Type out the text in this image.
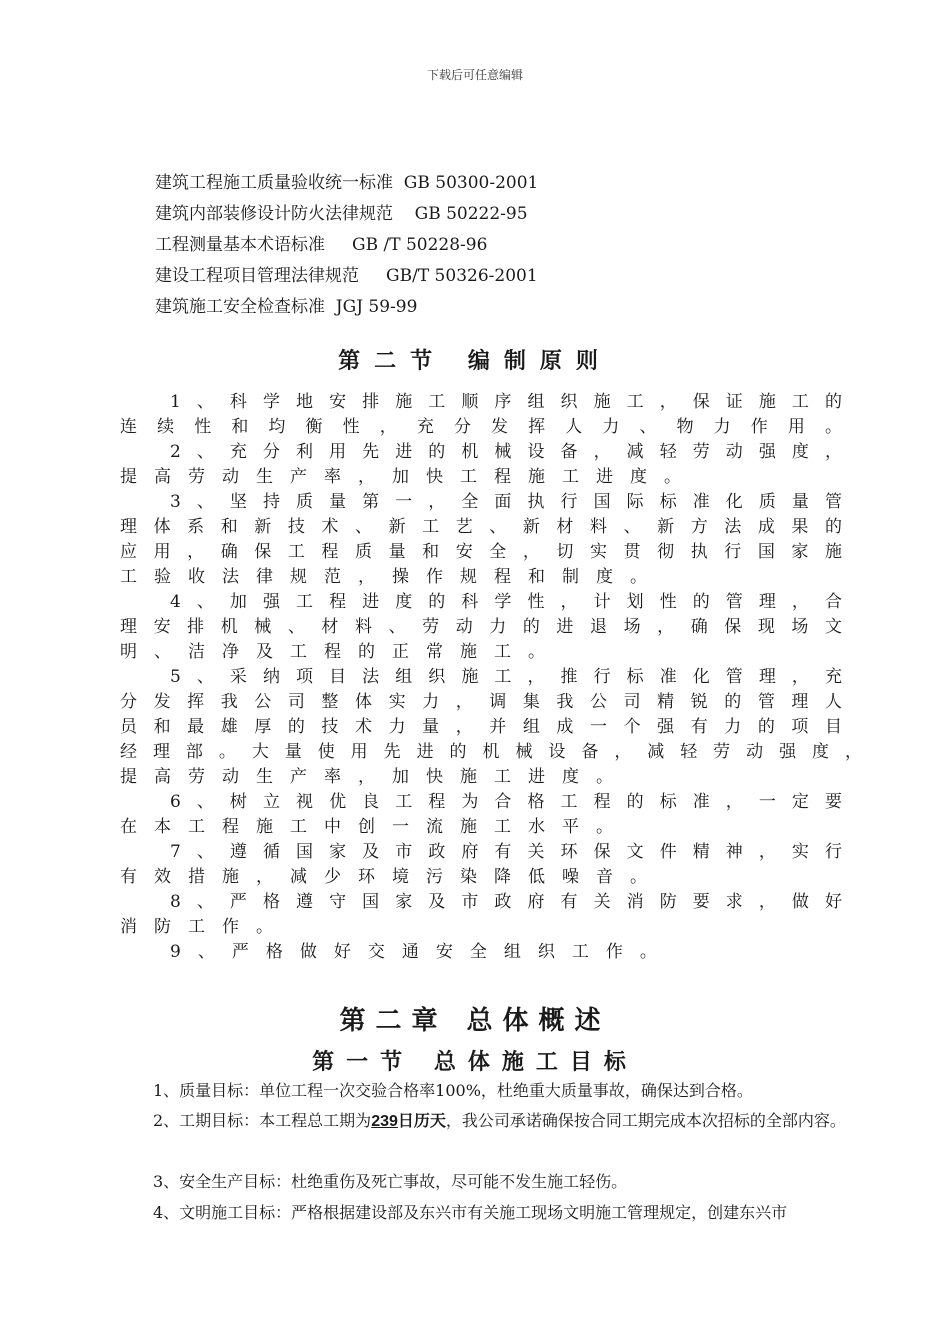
下载后可任意编辑
建筑工程施工质量验收统一标准  GB 50300-2001
建筑内部装修设计防火法律规范    GB 50222-95
工程测量基本术语标准     GB /T 50228-96
建设工程项目管理法律规范     GB/T 50326-2001
建筑施工安全检查标准  JGJ 59-99
第二节 编制原则
1、科学地安排施工顺序组织施工，保证施工的
连续性和均衡性，充分发挥人力、物力作用。
2、充分利用先进的机械设备，减轻劳动强度，
提高劳动生产率，加快工程施工进度。
3、坚持质量第一，全面执行国际标准化质量管
理体系和新技术、新工艺、新材料、新方法成果的
应用，确保工程质量和安全，切实贯彻执行国家施
工验收法律规范，操作规程和制度。
4、加强工程进度的科学性，计划性的管理，合
理安排机械、材料、劳动力的进退场，确保现场文
明、洁净及工程的正常施工。
5、采纳项目法组织施工，推行标准化管理，充
分发挥我公司整体实力，调集我公司精锐的管理人
员和最雄厚的技术力量，并组成一个强有力的项目
经理部。大量使用先进的机械设备，减轻劳动强度，
提高劳动生产率，加快施工进度。
6、树立视优良工程为合格工程的标准，一定要
在本工程施工中创一流施工水平。
7、遵循国家及市政府有关环保文件精神，实行
有效措施，减少环境污染降低噪音。
8、严格遵守国家及市政府有关消防要求，做好
消防工作。
9、严格做好交通安全组织工作。
第二章 总体概述
第一节 总体施工目标
1、质量目标：单位工程一次交验合格率100%，杜绝重大质量事故，确保达到合格。
2、工期目标：本工程总工期为239日历天，我公司承诺确保按合同工期完成本次招标的全部内容。
3、安全生产目标：杜绝重伤及死亡事故，尽可能不发生施工轻伤。
4、文明施工目标：严格根据建设部及东兴市有关施工现场文明施工管理规定，创建东兴市
